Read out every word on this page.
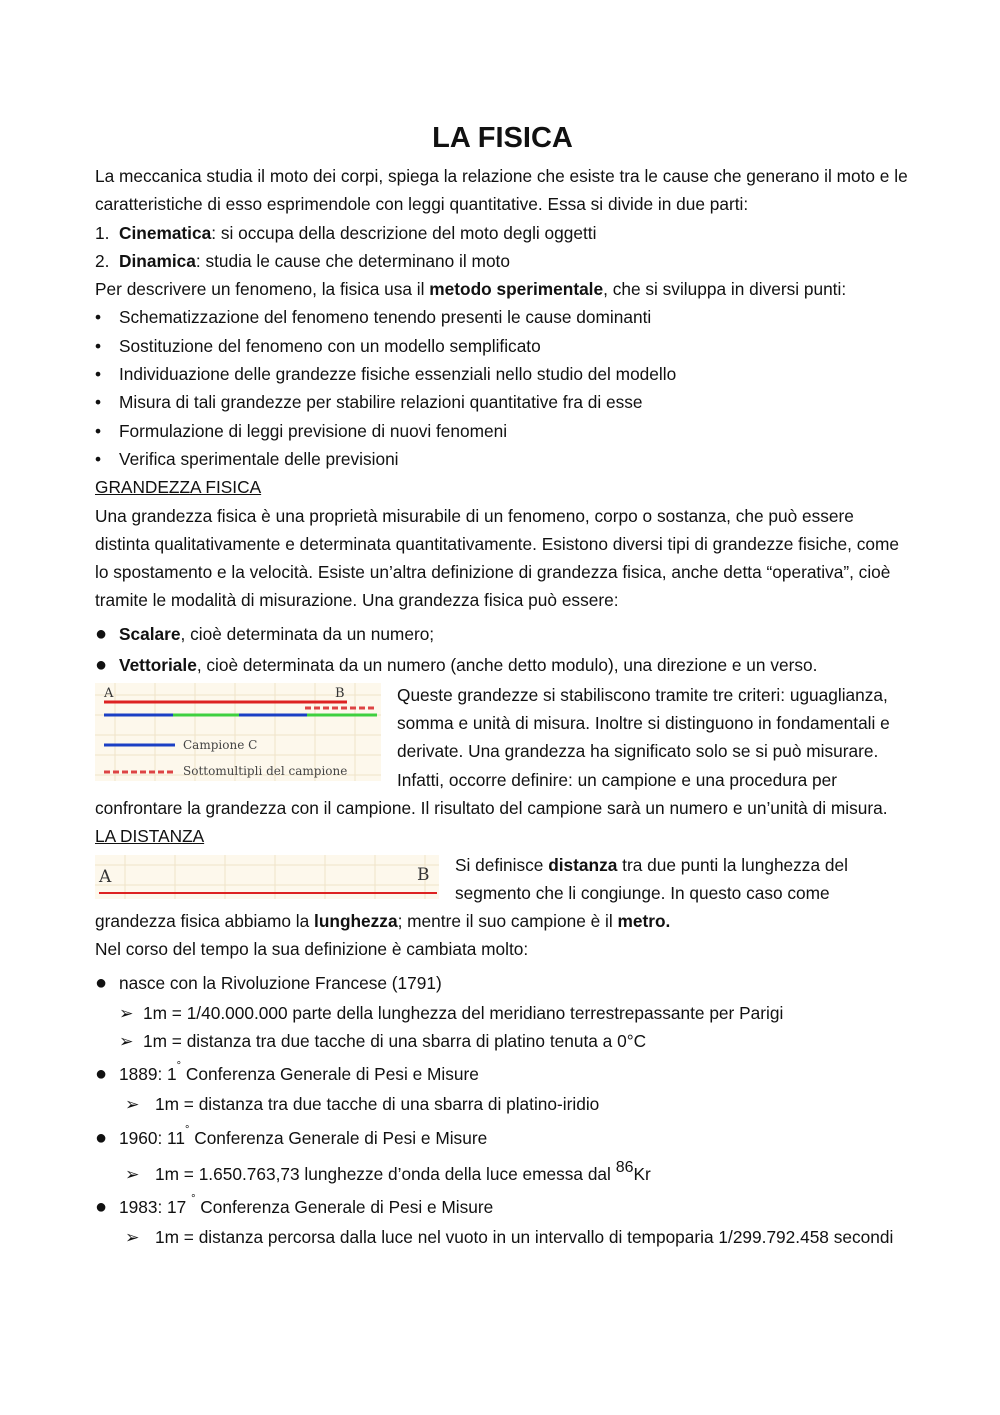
LA FISICA

La meccanica studia il moto dei corpi, spiega la relazione che esiste tra le cause che generano il moto e le caratteristiche di esso esprimendole con leggi quantitative. Essa si divide in due parti:

1. Cinematica: si occupa della descrizione del moto degli oggetti
2. Dinamica: studia le cause che determinano il moto

Per descrivere un fenomeno, la fisica usa il metodo sperimentale, che si sviluppa in diversi punti:

•	Schematizzazione del fenomeno tenendo presenti le cause dominanti
•	Sostituzione del fenomeno con un modello semplificato
•	Individuazione delle grandezze fisiche essenziali nello studio del modello
•	Misura di tali grandezze per stabilire relazioni quantitative fra di esse
•	Formulazione di leggi previsione di nuovi fenomeni
•	Verifica sperimentale delle previsioni

GRANDEZZA FISICA

Una grandezza fisica è una proprietà misurabile di un fenomeno, corpo o sostanza, che può essere distinta qualitativamente e determinata quantitativamente. Esistono diversi tipi di grandezze fisiche, come lo spostamento e la velocità. Esiste un’altra definizione di grandezza fisica, anche detta “operativa”, cioè tramite le modalità di misurazione. Una grandezza fisica può essere:

● Scalare, cioè determinata da un numero;
● Vettoriale, cioè determinata da un numero (anche detto modulo), una direzione e un verso.
A	B
Campione C
Sottomultipli del campione

Queste grandezze si stabiliscono tramite tre criteri: uguaglianza, somma e unità di misura. Inoltre si distinguono in fondamentali e derivate. Una grandezza ha significato solo se si può misurare. Infatti, occorre definire: un campione e una procedura per confrontare la grandezza con il campione. Il risultato del campione sarà un numero e un’unità di misura.

LA DISTANZA

A	B	Si definisce distanza tra due punti la lunghezza del segmento che li congiunge. In questo caso come grandezza fisica abbiamo la lunghezza; mentre il suo campione è il metro.

Nel corso del tempo la sua definizione è cambiata molto:

● nasce con la Rivoluzione Francese (1791)
➢ 1m = 1/40.000.000 parte della lunghezza del meridiano terrestrepassante per Parigi
➢ 1m = distanza tra due tacche di una sbarra di platino tenuta a 0°C
● 1889: 1° Conferenza Generale di Pesi e Misure
➢ 1m = distanza tra due tacche di una sbarra di platino-iridio
● 1960: 11° Conferenza Generale di Pesi e Misure
➢ 1m = 1.650.763,73 lunghezze d’onda della luce emessa dal $^{86}$Kr
● 1983: 17 ° Conferenza Generale di Pesi e Misure
➢ 1m = distanza percorsa dalla luce nel vuoto in un intervallo di tempoparia 1/299.792.458 secondi
